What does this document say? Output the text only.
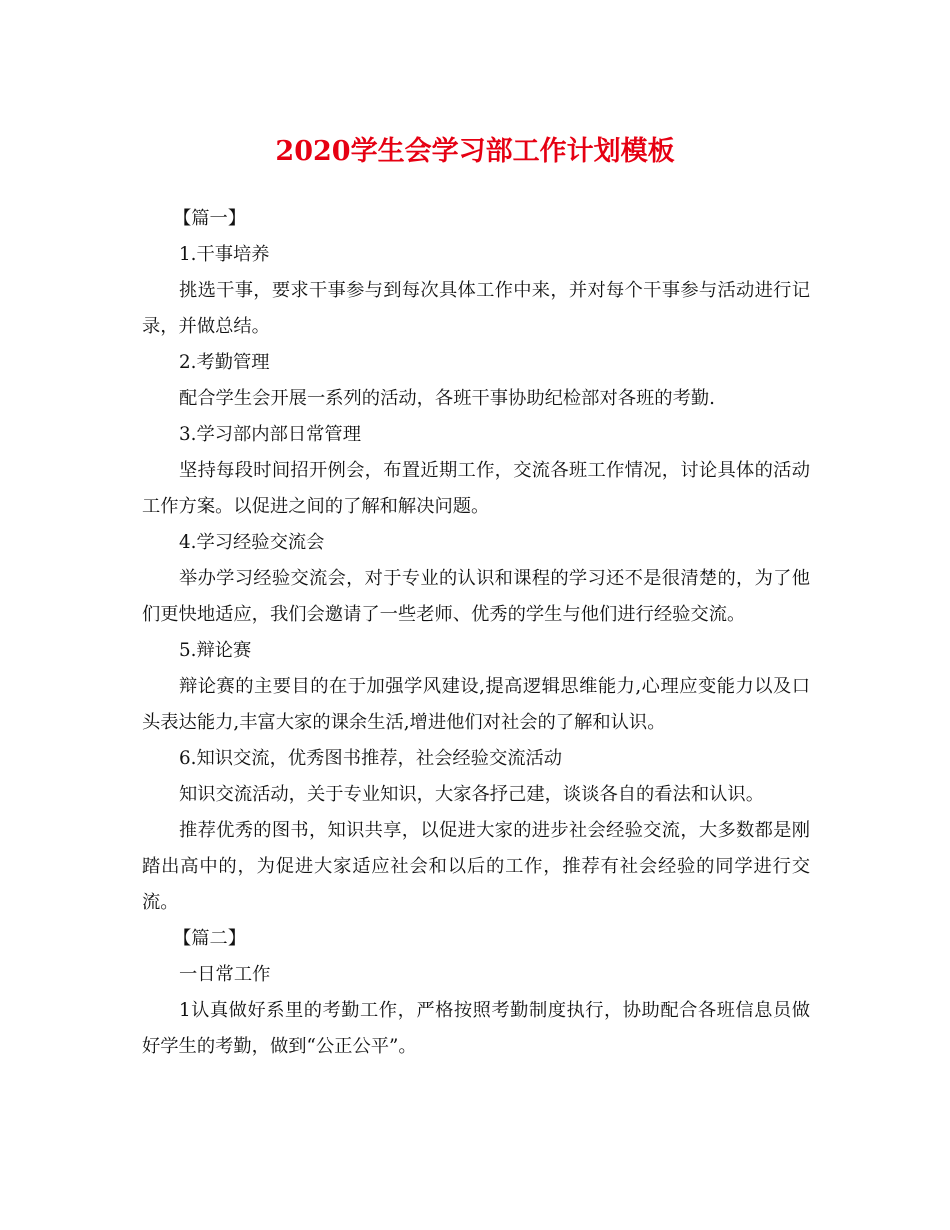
2020学生会学习部工作计划模板

【篇一】

1.干事培养

挑选干事，要求干事参与到每次具体工作中来，并对每个干事参与活动进行记录，并做总结。

2.考勤管理

配合学生会开展一系列的活动，各班干事协助纪检部对各班的考勤.

3.学习部内部日常管理

坚持每段时间招开例会，布置近期工作，交流各班工作情况，讨论具体的活动工作方案。以促进之间的了解和解决问题。

4.学习经验交流会

举办学习经验交流会，对于专业的认识和课程的学习还不是很清楚的，为了他们更快地适应，我们会邀请了一些老师、优秀的学生与他们进行经验交流。

5.辩论赛

辩论赛的主要目的在于加强学风建设,提高逻辑思维能力,心理应变能力以及口头表达能力,丰富大家的课余生活,增进他们对社会的了解和认识。

6.知识交流，优秀图书推荐，社会经验交流活动

知识交流活动，关于专业知识，大家各抒己建，谈谈各自的看法和认识。

推荐优秀的图书，知识共享，以促进大家的进步社会经验交流，大多数都是刚踏出高中的，为促进大家适应社会和以后的工作，推荐有社会经验的同学进行交流。

【篇二】

一日常工作

1认真做好系里的考勤工作，严格按照考勤制度执行，协助配合各班信息员做好学生的考勤，做到“公正公平”。
